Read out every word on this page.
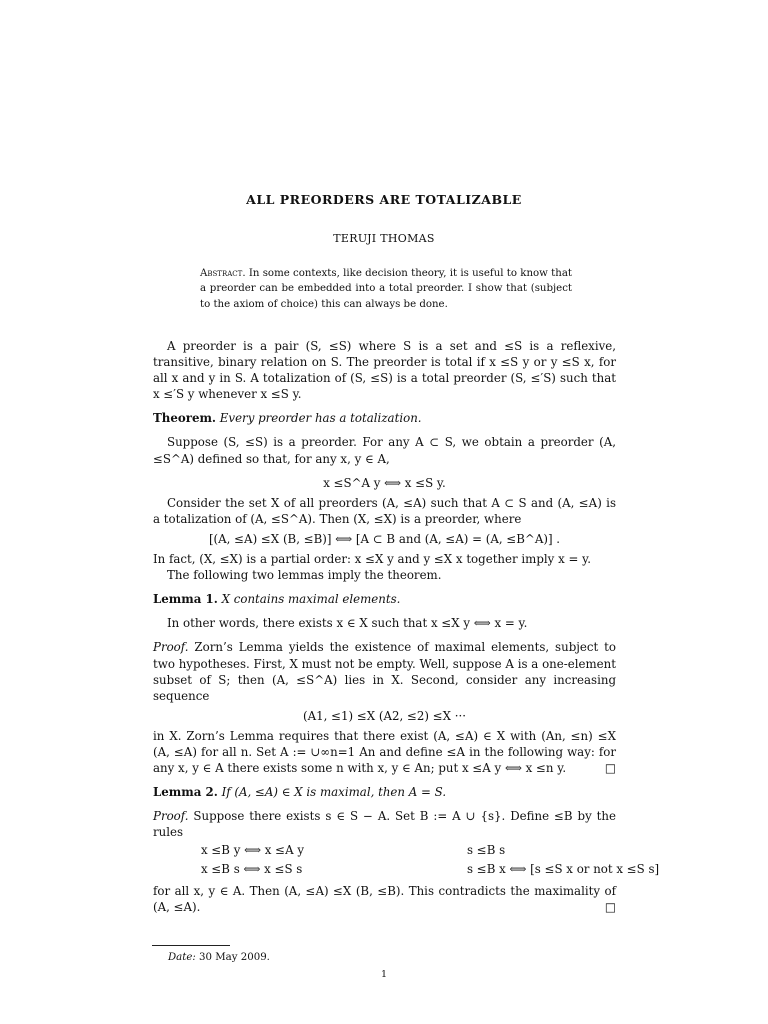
ALL PREORDERS ARE TOTALIZABLE
TERUJI THOMAS
Abstract. In some contexts, like decision theory, it is useful to know that a preorder can be embedded into a total preorder. I show that (subject to the axiom of choice) this can always be done.

A preorder is a pair (S, ≤S) where S is a set and ≤S is a reflexive, transitive, binary relation on S. The preorder is total if x ≤S y or y ≤S x, for all x and y in S. A totalization of (S, ≤S) is a total preorder (S, ≤′S) such that x ≤′S y whenever x ≤S y.

Theorem. Every preorder has a totalization.

Suppose (S, ≤S) is a preorder. For any A ⊂ S, we obtain a preorder (A, ≤S^A) defined so that, for any x, y ∈ A,

x ≤S^A y ⟺ x ≤S y.

Consider the set X of all preorders (A, ≤A) such that A ⊂ S and (A, ≤A) is a totalization of (A, ≤S^A). Then (X, ≤X) is a preorder, where

[(A, ≤A) ≤X (B, ≤B)] ⟺ [A ⊂ B and (A, ≤A) = (A, ≤B^A)] .

In fact, (X, ≤X) is a partial order: x ≤X y and y ≤X x together imply x = y.

The following two lemmas imply the theorem.

Lemma 1. X contains maximal elements.

In other words, there exists x ∈ X such that x ≤X y ⟺ x = y.

Proof. Zorn’s Lemma yields the existence of maximal elements, subject to two hypotheses. First, X must not be empty. Well, suppose A is a one-element subset of S; then (A, ≤S^A) lies in X. Second, consider any increasing sequence

(A1, ≤1) ≤X (A2, ≤2) ≤X ···

in X. Zorn’s Lemma requires that there exist (A, ≤A) ∈ X with (An, ≤n) ≤X (A, ≤A) for all n. Set A := ∪∞n=1 An and define ≤A in the following way: for any x, y ∈ A there exists some n with x, y ∈ An; put x ≤A y ⟺ x ≤n y.	□

Lemma 2. If (A, ≤A) ∈ X is maximal, then A = S.

Proof. Suppose there exists s ∈ S − A. Set B := A ∪ {s}. Define ≤B by the rules

x ≤B y ⟺ x ≤A y	s ≤B s
x ≤B s ⟺ x ≤S s	s ≤B x ⟺ [s ≤S x or not x ≤S s]

for all x, y ∈ A. Then (A, ≤A) ≤X (B, ≤B). This contradicts the maximality of (A, ≤A).	□

Date: 30 May 2009.
1
